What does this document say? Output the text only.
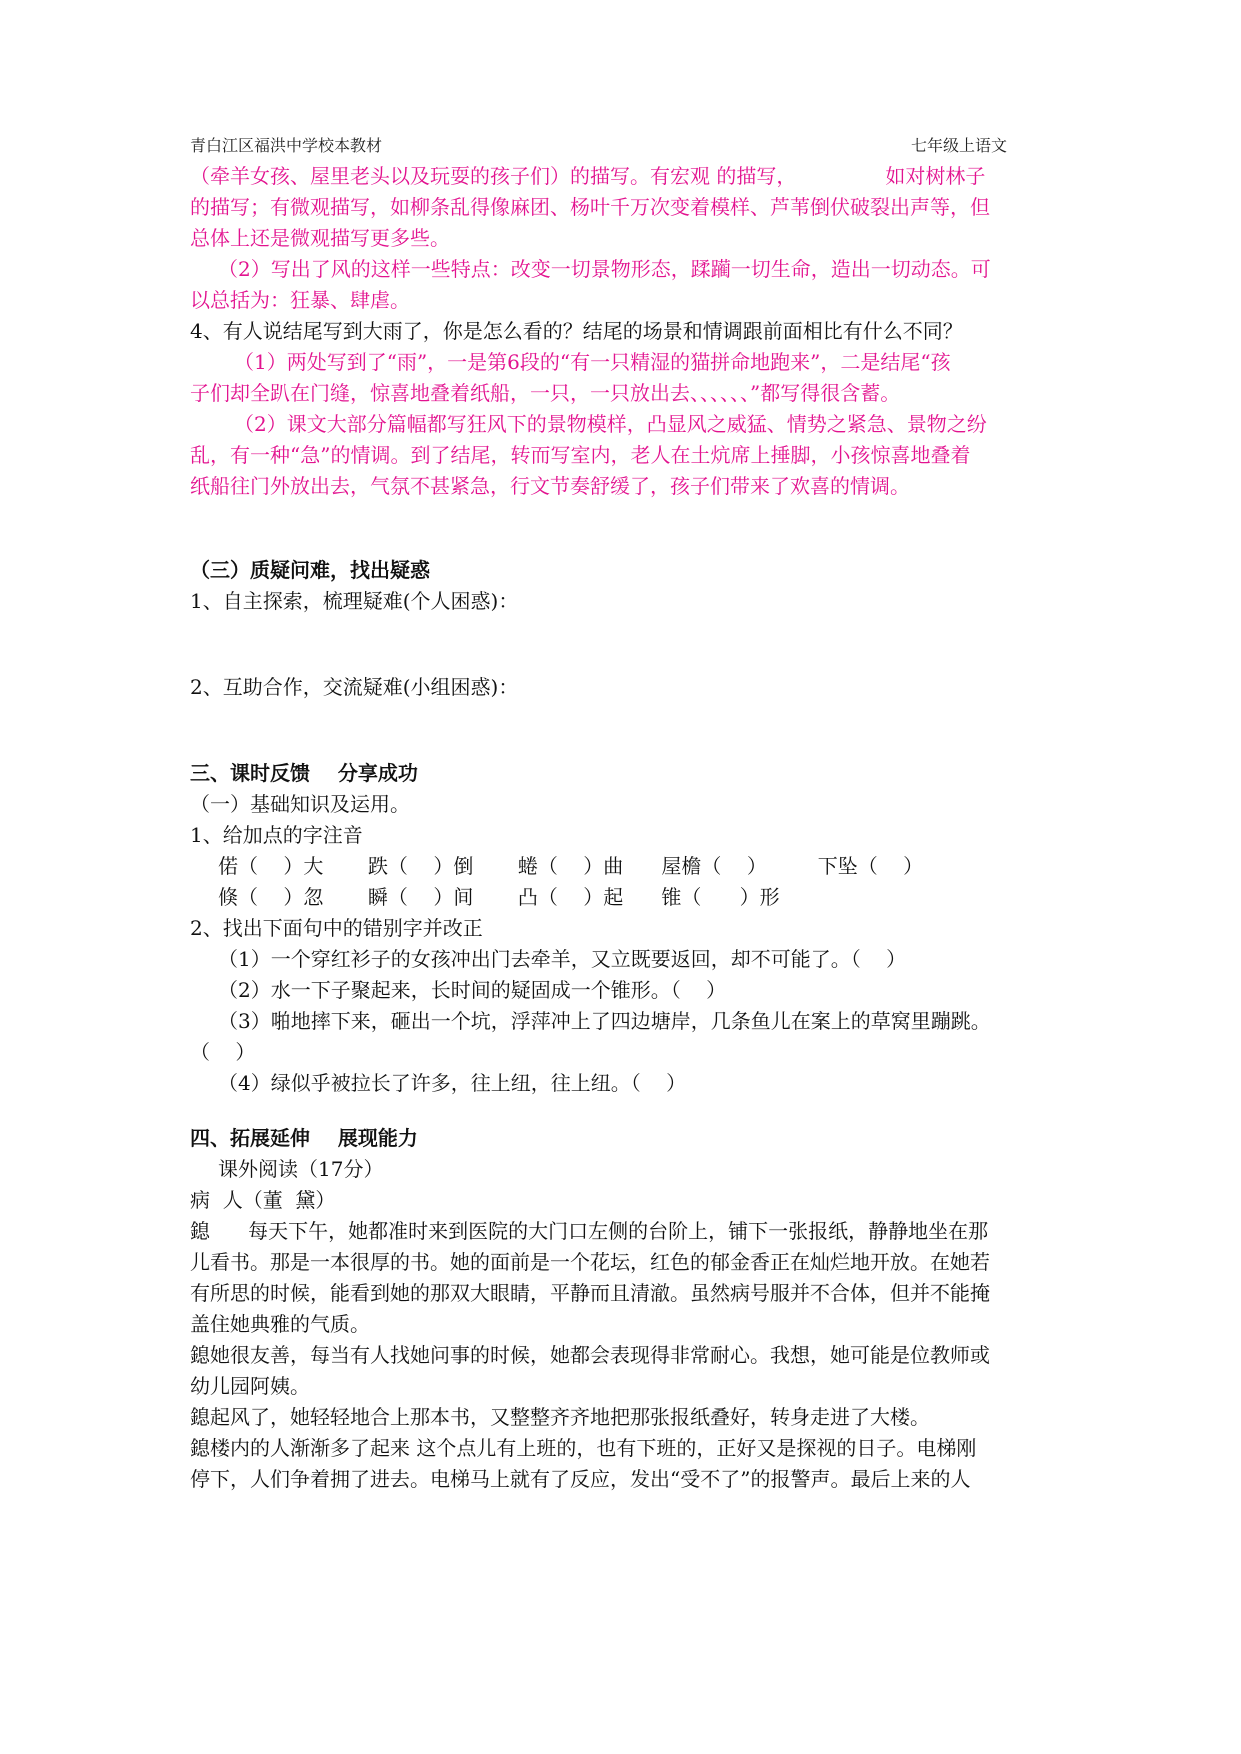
青白江区福洪中学校本教材	七年级上语文
（牵羊女孩、屋里老头以及玩耍的孩子们）的描写。有宏观 的描写，              如对树林子
的描写；有微观描写，如柳条乱得像麻团、杨叶千万次变着模样、芦苇倒伏破裂出声等，但
总体上还是微观描写更多些。
（2）写出了风的这样一些特点：改变一切景物形态，蹂躏一切生命，造出一切动态。可
以总括为：狂暴、肆虐。
4、有人说结尾写到大雨了，你是怎么看的？结尾的场景和情调跟前面相比有什么不同？
（1）两处写到了“雨”，一是第6段的“有一只精湿的猫拼命地跑来”，二是结尾“孩
子们却全趴在门缝，惊喜地叠着纸船，一只，一只放出去、、、、、、”都写得很含蓄。
（2）课文大部分篇幅都写狂风下的景物模样，凸显风之威猛、情势之紧急、景物之纷
乱，有一种“急”的情调。到了结尾，转而写室内，老人在土炕席上捶脚，小孩惊喜地叠着
纸船往门外放出去，气氛不甚紧急，行文节奏舒缓了，孩子们带来了欢喜的情调。
（三）质疑问难，找出疑惑
1、自主探索，梳理疑难(个人困惑)：
2、互助合作，交流疑难(小组困惑)：
三、课时反馈    分享成功
（一）基础知识及运用。
1、给加点的字注音
偌（    ）大       跌（    ）倒       蜷（    ）曲      屋檐（    ）        下坠（    ）
倏（    ）忽       瞬（    ）间       凸（    ）起      锥（      ）形
2、找出下面句中的错别字并改正
（1）一个穿红衫子的女孩冲出门去牵羊，又立既要返回，却不可能了。（    ）
（2）水一下子聚起来，长时间的疑固成一个锥形。（    ）
（3）啪地摔下来，砸出一个坑，浮萍冲上了四边塘岸，几条鱼儿在案上的草窝里蹦跳。
（    ）
（4）绿似乎被拉长了许多，往上纽，往上纽。（    ）
四、拓展延伸    展现能力
课外阅读（17分）
病  人（董  黛）
鎴      每天下午，她都准时来到医院的大门口左侧的台阶上，铺下一张报纸，静静地坐在那
儿看书。那是一本很厚的书。她的面前是一个花坛，红色的郁金香正在灿烂地开放。在她若
有所思的时候，能看到她的那双大眼睛，平静而且清澈。虽然病号服并不合体，但并不能掩
盖住她典雅的气质。
鎴她很友善，每当有人找她问事的时候，她都会表现得非常耐心。我想，她可能是位教师或
幼儿园阿姨。
鎴起风了，她轻轻地合上那本书，又整整齐齐地把那张报纸叠好，转身走进了大楼。
鎴楼内的人渐渐多了起来 这个点儿有上班的，也有下班的，正好又是探视的日子。电梯刚
停下，人们争着拥了进去。电梯马上就有了反应，发出“受不了”的报警声。最后上来的人
